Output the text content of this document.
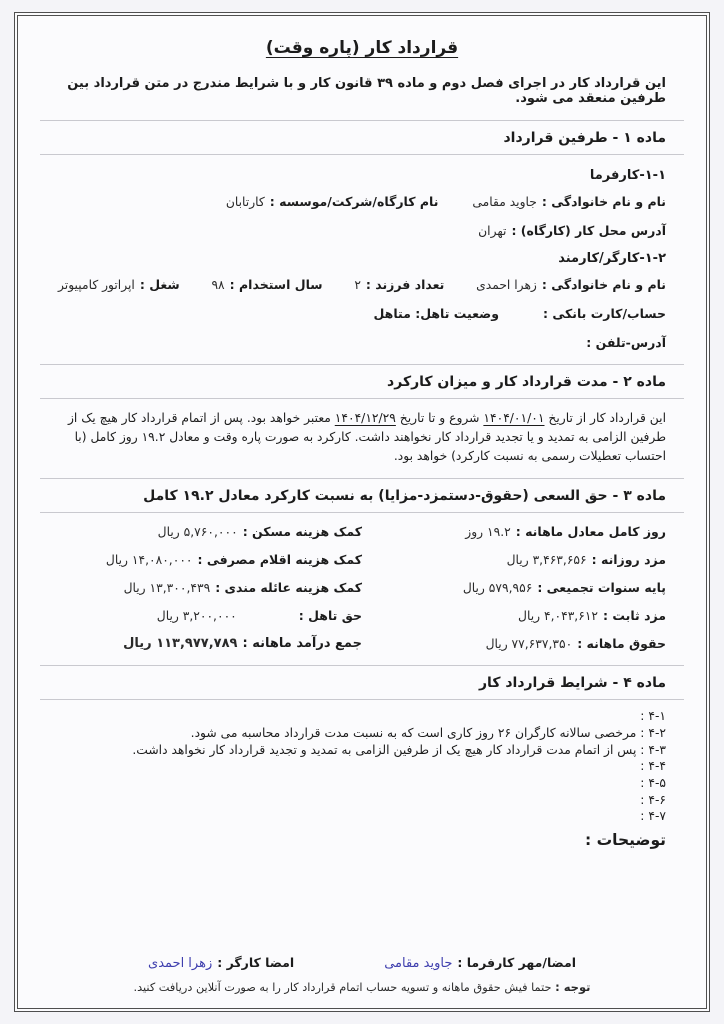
قرارداد کار (پاره وقت)
این قرارداد کار در اجرای فصل دوم و ماده ۳۹ قانون کار و با شرایط مندرج در متن قرارداد بین طرفین منعقد می شود.
ماده ۱ - طرفین قرارداد
۱-۱-کارفرما
نام و نام خانوادگی :
جاوید مقامی
نام کارگاه/شرکت/موسسه :
کارتابان
آدرس محل کار (کارگاه) :
تهران
۱-۲-کارگر/کارمند
نام و نام خانوادگی :
زهرا احمدی
تعداد فرزند :
۲
سال استخدام :
۹۸
شغل :
اپراتور کامپیوتر
حساب/کارت بانکی :
وضعیت تاهل: متاهل
آدرس-تلفن :
ماده ۲ - مدت قرارداد کار و میزان کارکرد
این قرارداد کار از تاریخ ۱۴۰۴/۰۱/۰۱ شروع و تا تاریخ ۱۴۰۴/۱۲/۲۹ معتبر خواهد بود. پس از اتمام قرارداد کار هیچ یک از طرفین الزامی به تمدید و یا تجدید قرارداد کار نخواهند داشت. کارکرد به صورت پاره وقت و معادل ۱۹.۲ روز کامل (با احتساب تعطیلات رسمی به نسبت کارکرد) خواهد بود.
ماده ۳ - حق السعی (حقوق-دستمزد-مزایا) به نسبت کارکرد معادل ۱۹.۲ کامل
روز کامل معادل ماهانه :
۱۹.۲ روز
کمک هزینه مسکن :
۵,۷۶۰,۰۰۰ ریال
مزد روزانه :
۳,۴۶۳,۶۵۶ ریال
کمک هزینه اقلام مصرفی :
۱۴,۰۸۰,۰۰۰ ریال
پایه سنوات تجمیعی :
۵۷۹,۹۵۶ ریال
کمک هزینه عائله مندی :
۱۳,۳۰۰,۴۳۹ ریال
مزد ثابت :
۴,۰۴۳,۶۱۲ ریال
حق تاهل :
۳,۲۰۰,۰۰۰ ریال
حقوق ماهانه :
۷۷,۶۳۷,۳۵۰ ریال
جمع درآمد ماهانه :
۱۱۳,۹۷۷,۷۸۹ ریال
ماده ۴ - شرایط قرارداد کار
۴-۱ :
۴-۲ : مرخصی سالانه کارگران ۲۶ روز کاری است که به نسبت مدت قرارداد محاسبه می شود.
۴-۳ : پس از اتمام مدت قرارداد کار هیچ یک از طرفین الزامی به تمدید و تجدید قرارداد کار نخواهد داشت.
۴-۴ :
۴-۵ :
۴-۶ :
۴-۷ :
توضیحات :
امضا/مهر کارفرما :
جاوید مقامی
امضا کارگر :
زهرا احمدی
توجه : حتما فیش حقوق ماهانه و تسویه حساب اتمام قرارداد کار را به صورت آنلاین دریافت کنید.
